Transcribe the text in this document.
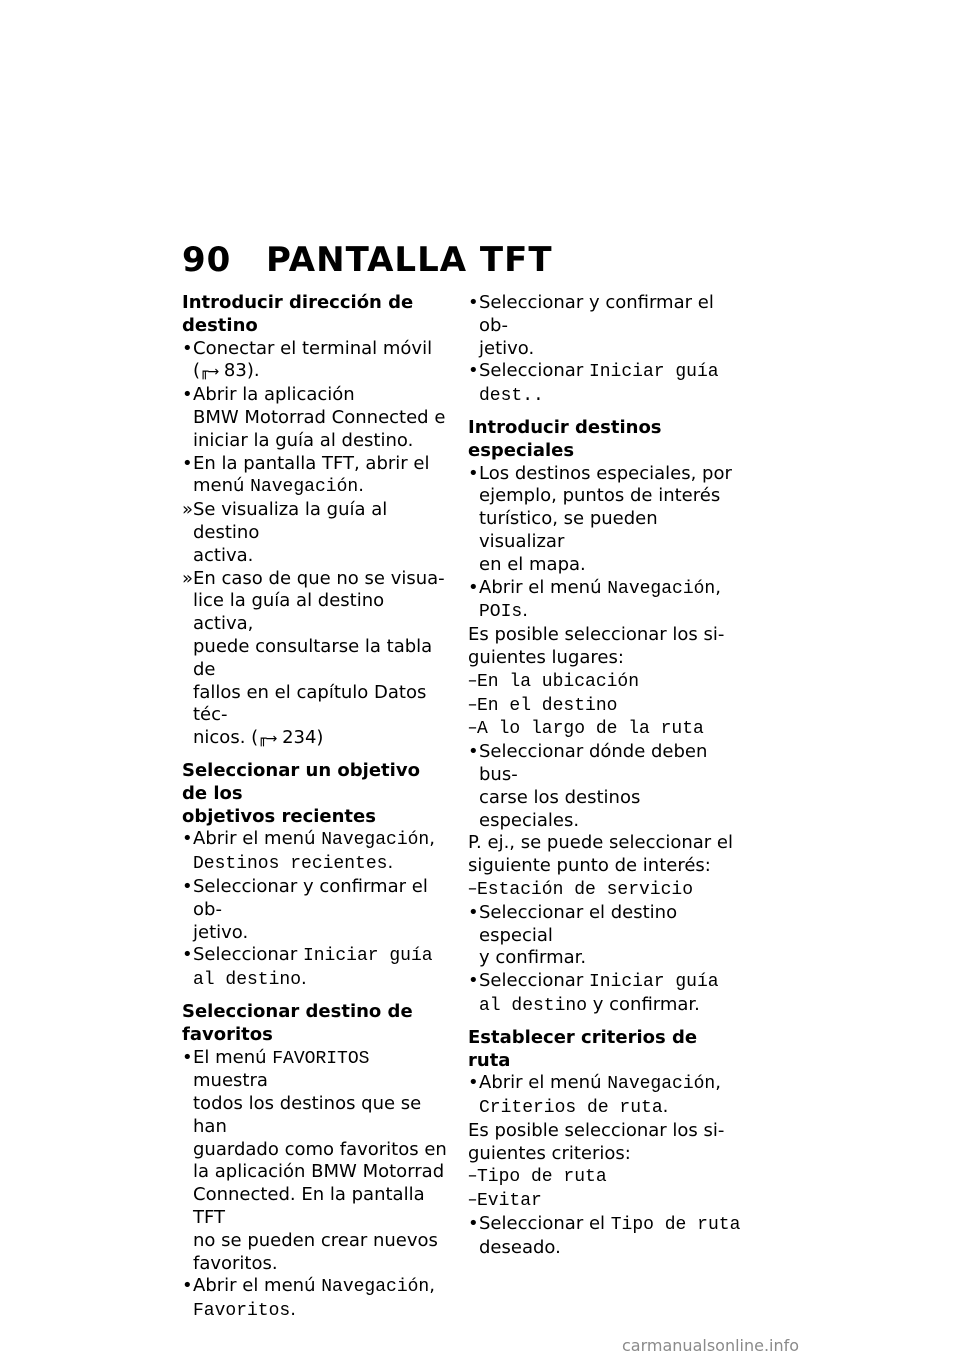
90 PANTALLA TFT

Introducir dirección de
destino

• Conectar el terminal móvil
(╓→ 83).
• Abrir la aplicación
BMW Motorrad Connected e
iniciar la guía al destino.
• En la pantalla TFT, abrir el
menú Navegación.
» Se visualiza la guía al destino
activa.
» En caso de que no se visua-
lice la guía al destino activa,
puede consultarse la tabla de
fallos en el capítulo Datos téc-
nicos. (╓→ 234)

Seleccionar un objetivo de los
objetivos recientes

• Abrir el menú Navegación,
Destinos recientes.
• Seleccionar y confirmar el ob-
jetivo.
• Seleccionar Iniciar guía
al destino.

Seleccionar destino de
favoritos

• El menú FAVORITOS muestra
todos los destinos que se han
guardado como favoritos en
la aplicación BMW Motorrad
Connected. En la pantalla TFT
no se pueden crear nuevos
favoritos.
• Abrir el menú Navegación,
Favoritos.
• Seleccionar y confirmar el ob-
jetivo.
• Seleccionar Iniciar guía
dest..

Introducir destinos especiales

• Los destinos especiales, por
ejemplo, puntos de interés
turístico, se pueden visualizar
en el mapa.
• Abrir el menú Navegación,
POIs.

Es posible seleccionar los si-
guientes lugares:

–En la ubicación

–En el destino

–A lo largo de la ruta

• Seleccionar dónde deben bus-
carse los destinos especiales.

P. ej., se puede seleccionar el
siguiente punto de interés:

–Estación de servicio

• Seleccionar el destino especial
y confirmar.
• Seleccionar Iniciar guía
al destino y confirmar.

Establecer criterios de ruta

• Abrir el menú Navegación,
Criterios de ruta.

Es posible seleccionar los si-
guientes criterios:

–Tipo de ruta

–Evitar

• Seleccionar el Tipo de ruta
deseado.
carmanualsonline.info
